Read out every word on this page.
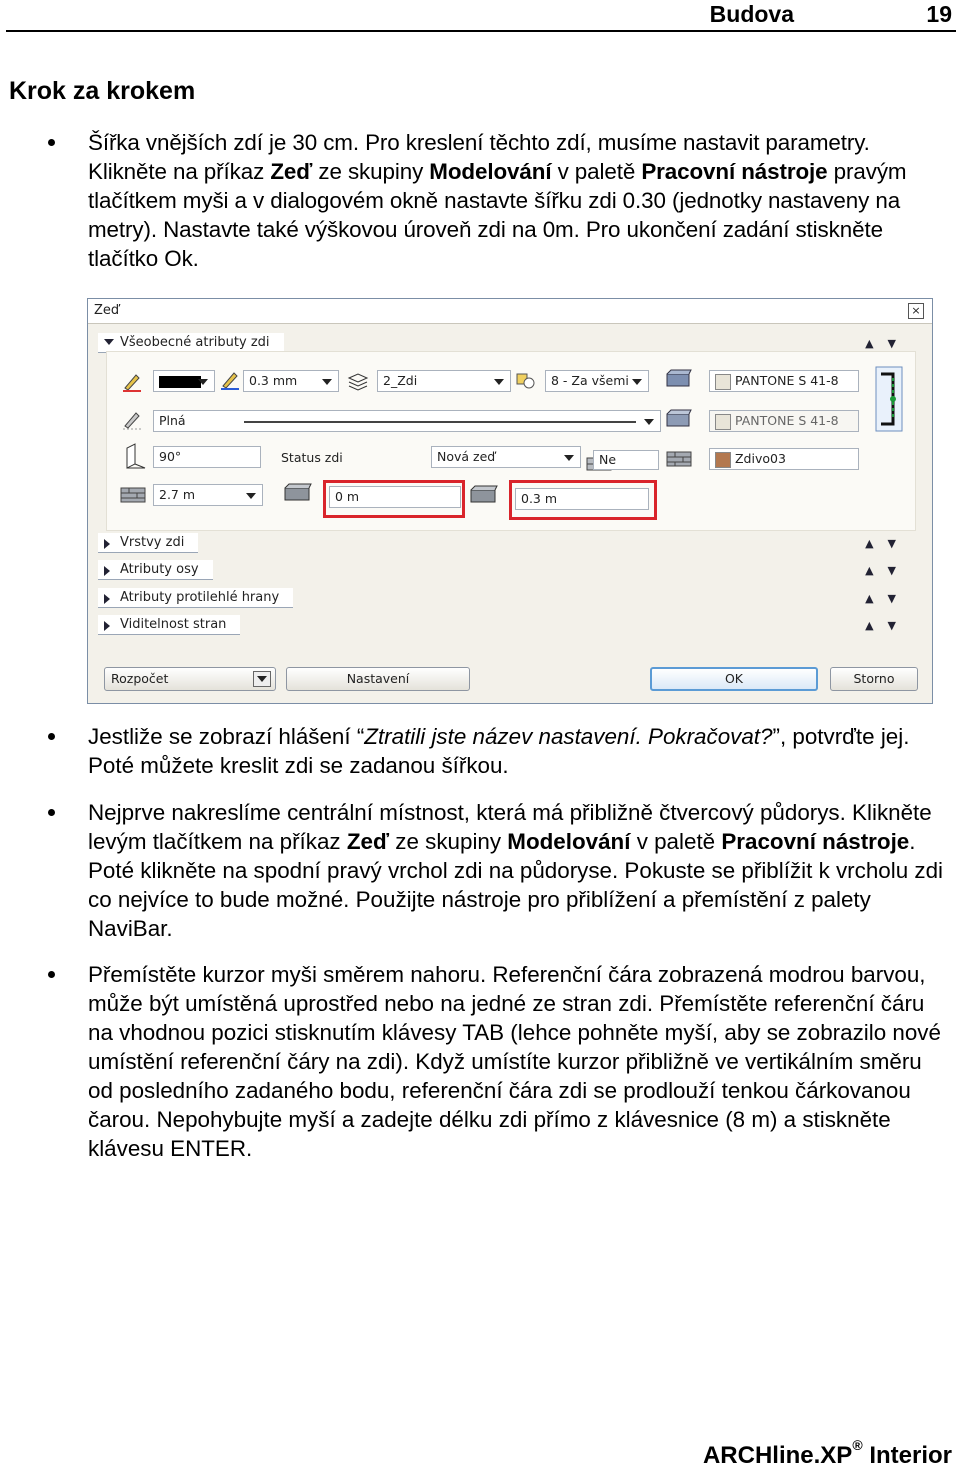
Budova	19
Krok za krokem
Šířka vnějších zdí je 30 cm. Pro kreslení těchto zdí, musíme nastavit parametry. Klikněte na příkaz Zeď ze skupiny Modelování v paletě Pracovní nástroje pravým tlačítkem myši a v dialogovém okně nastavte šířku zdi 0.30 (jednotky nastaveny na metry). Nastavte také výškovou úroveň zdi na 0m. Pro ukončení zadání stiskněte tlačítko Ok.
Zeď	×
Všeobecné atributy zdi	▲▼
0.3 mm	2_Zdi	8 - Za všemi	PANTONE S 41-8
Plná	PANTONE S 41-8
90°	Status zdi	Nová zeď	Ne	Zdivo03
2.7 m	0 m	0.3 m
Vrstvy zdi	▲▼
Atributy osy	▲▼
Atributy protilehlé hrany	▲▼
Viditelnost stran	▲▼
Rozpočet	Nastavení	OK	Storno
Jestliže se zobrazí hlášení “Ztratili jste název nastavení. Pokračovat?”, potvrďte jej. Poté můžete kreslit zdi se zadanou šířkou.
Nejprve nakreslíme centrální místnost, která má přibližně čtvercový půdorys. Klikněte levým tlačítkem na příkaz Zeď ze skupiny Modelování v paletě Pracovní nástroje. Poté klikněte na spodní pravý vrchol zdi na půdoryse. Pokuste se přiblížit k vrcholu zdi co nejvíce to bude možné. Použijte nástroje pro přiblížení a přemístění z palety NaviBar.
Přemístěte kurzor myši směrem nahoru. Referenční čára zobrazená modrou barvou, může být umístěná uprostřed nebo na jedné ze stran zdi. Přemístěte referenční čáru na vhodnou pozici stisknutím klávesy TAB (lehce pohněte myší, aby se zobrazilo nové umístění referenční čáry na zdi). Když umístíte kurzor přibližně ve vertikálním směru od posledního zadaného bodu, referenční čára zdi se prodlouží tenkou čárkovanou čarou. Nepohybujte myší a zadejte délku zdi přímo z klávesnice (8 m) a stiskněte klávesu ENTER.
ARCHline.XP® Interior
